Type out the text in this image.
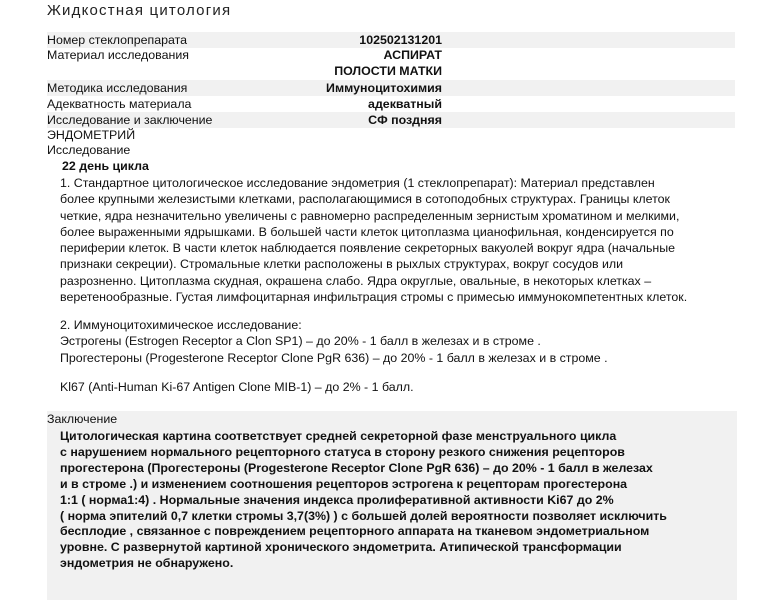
Жидкостная цитология
Номер стеклопрепарата	102502131201
Материал исследования	АСПИРАТ
ПОЛОСТИ МАТКИ
Методика исследования	Иммуноцитохимия
Адекватность материала	адекватный
Исследование и заключение	СФ поздняя
ЭНДОМЕТРИЙ
Исследование
22 день цикла

1. Стандартное цитологическое исследование эндометрия (1 стеклопрепарат): Материал представлен

более крупными железистыми клетками, располагающимися в сотоподобных структурах. Границы клеток

четкие, ядра незначительно увеличены с равномерно распределенным зернистым хроматином и мелкими,

более выраженными ядрышками. В большей части клеток цитоплазма цианофильная, конденсируется по

периферии клеток. В части клеток наблюдается появление секреторных вакуолей вокруг ядра (начальные

признаки секреции). Стромальные клетки расположены в рыхлых структурах, вокруг сосудов или

разрозненно. Цитоплазма скудная, окрашена слабо. Ядра округлые, овальные, в некоторых клетках –

веретенообразные. Густая лимфоцитарная инфильтрация стромы с примесью иммунокомпетентных клеток.

2. Иммуноцитохимическое исследование:

Эстрогены (Estrogen Receptor a Clon SP1) – до 20% - 1 балл в железах и в строме .

Прогестероны (Progesterone Receptor Clone PgR 636) – до 20% - 1 балл в железах и в строме .

Kl67 (Anti-Human Ki-67 Antigen Clone MIB-1) – до 2% - 1 балл.

Заключение

Цитологическая картина соответствует средней секреторной фазе менструального цикла

с нарушением нормального рецепторного статуса в сторону резкого снижения рецепторов

прогестерона (Прогестероны (Progesterone Receptor Clone PgR 636) – до 20% - 1 балл в железах

и в строме .) и изменением соотношения рецепторов эстрогена к рецепторам прогестерона

1:1 ( норма1:4) . Нормальные значения индекса пролиферативной активности Ki67 до 2%

( норма эпителий 0,7 клетки стромы 3,7(3%) ) с большей долей вероятности позволяет исключить

бесплодие , связанное с повреждением рецепторного аппарата на тканевом эндометриальном

уровне. С развернутой картиной хронического эндометрита. Атипической трансформации

эндометрия не обнаружено.
